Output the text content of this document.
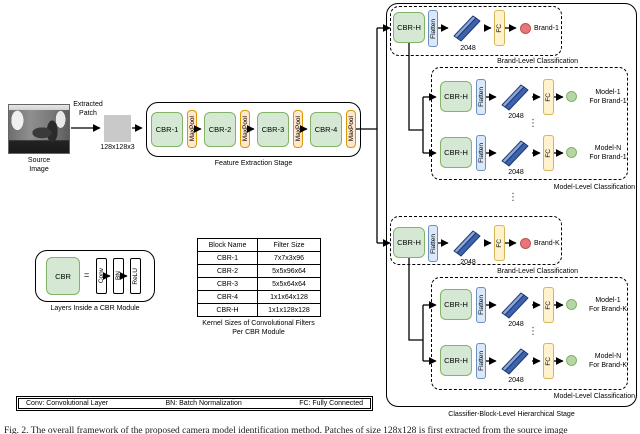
Source
Image
Extracted
Patch
128x128x3
CBR-1	MaxPool	CBR-2	MaxPool	CBR-3	MaxPool	CBR-4	MaxPool
Feature Extraction Stage
CBR	= Conv BN ReLU
Layers Inside a CBR Module
Block Name	Filter Size
CBR-1	7x7x3x96
CBR-2	5x5x96x64
CBR-3	5x5x64x64
CBR-4	1x1x64x128
CBR-H	1x1x128x128
Kernel Sizes of Convolutional Filters
Per CBR Module
Conv: Convolutional Layer	BN: Batch Normalization	FC: Fully Connected
Classifier-Block-Level Hierarchical Stage
CBR-H	Flatten
2048
FC	Brand-1
Brand-Level Classification
CBR-H	Flatten
2048
FC
Model-1
For Brand-1
⋮
CBR-H	Flatten
2048
FC
Model-N
For Brand-1
Model-Level Classification
⋮
CBR-H	Flatten
2048
FC	Brand-K
Brand-Level Classification
CBR-H	Flatten
2048
FC
Model-1
For Brand-K
⋮
CBR-H	Flatten
2048
FC
Model-N
For Brand-K
Model-Level Classification
Fig. 2. The overall framework of the proposed camera model identification method. Patches of size 128x128 is first extracted from the source image
